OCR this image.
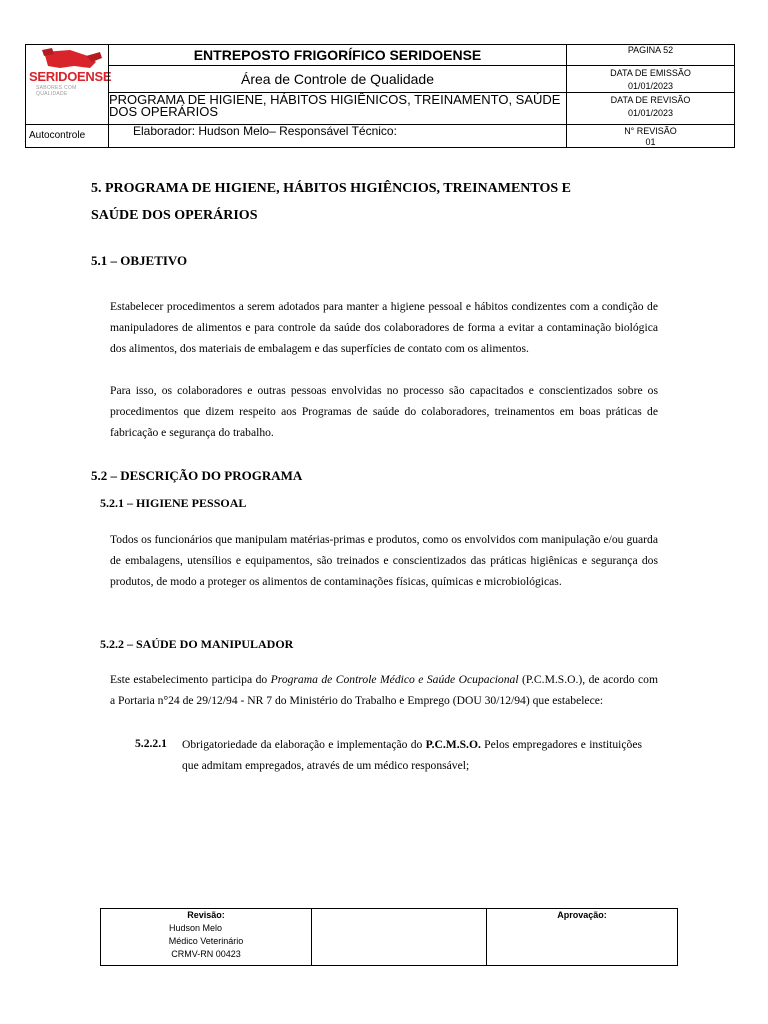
SERIDOENSE
SABORES COM QUALIDADE
Autocontrole
ENTREPOSTO FRIGORÍFICO SERIDOENSE
Área de Controle de Qualidade
PROGRAMA DE HIGIENE, HÁBITOS HIGIÊNICOS, TREINAMENTO, SAÚDE DOS OPERÁRIOS
Elaborador: Hudson Melo– Responsável Técnico:
PAGINA 52
DATA DE EMISSÃO
01/01/2023
DATA DE REVISÃO
01/01/2023
N° REVISÃO
01
5. PROGRAMA DE HIGIENE, HÁBITOS HIGIÊNCIOS, TREINAMENTOS E
SAÚDE DOS OPERÁRIOS
5.1 – OBJETIVO

Estabelecer procedimentos a serem adotados para manter a higiene pessoal e hábitos condizentes com a condição de manipuladores de alimentos e para controle da saúde dos colaboradores de forma a evitar a contaminação biológica dos alimentos, dos materiais de embalagem e das superfícies de contato com os alimentos.

Para isso, os colaboradores e outras pessoas envolvidas no processo são capacitados e conscientizados sobre os procedimentos que dizem respeito aos Programas de saúde do colaboradores, treinamentos em boas práticas de fabricação e segurança do trabalho.

5.2 – DESCRIÇÃO DO PROGRAMA
5.2.1 – HIGIENE PESSOAL

Todos os funcionários que manipulam matérias-primas e produtos, como os envolvidos com manipulação e/ou guarda de embalagens, utensílios e equipamentos, são treinados e conscientizados das práticas higiênicas e segurança dos produtos, de modo a proteger os alimentos de contaminações físicas, químicas e microbiológicas.

5.2.2 – SAÚDE DO MANIPULADOR

Este estabelecimento participa do Programa de Controle Médico e Saúde Ocupacional (P.C.M.S.O.), de acordo com a Portaria n°24 de 29/12/94 - NR 7 do Ministério do Trabalho e Emprego (DOU 30/12/94) que estabelece:

5.2.2.1 Obrigatoriedade da elaboração e implementação do P.C.M.S.O. Pelos empregadores e instituições que admitam empregados, através de um médico responsável;
Revisão:
Hudson Melo
Médico Veterinário
CRMV-RN 00423
Aprovação:
